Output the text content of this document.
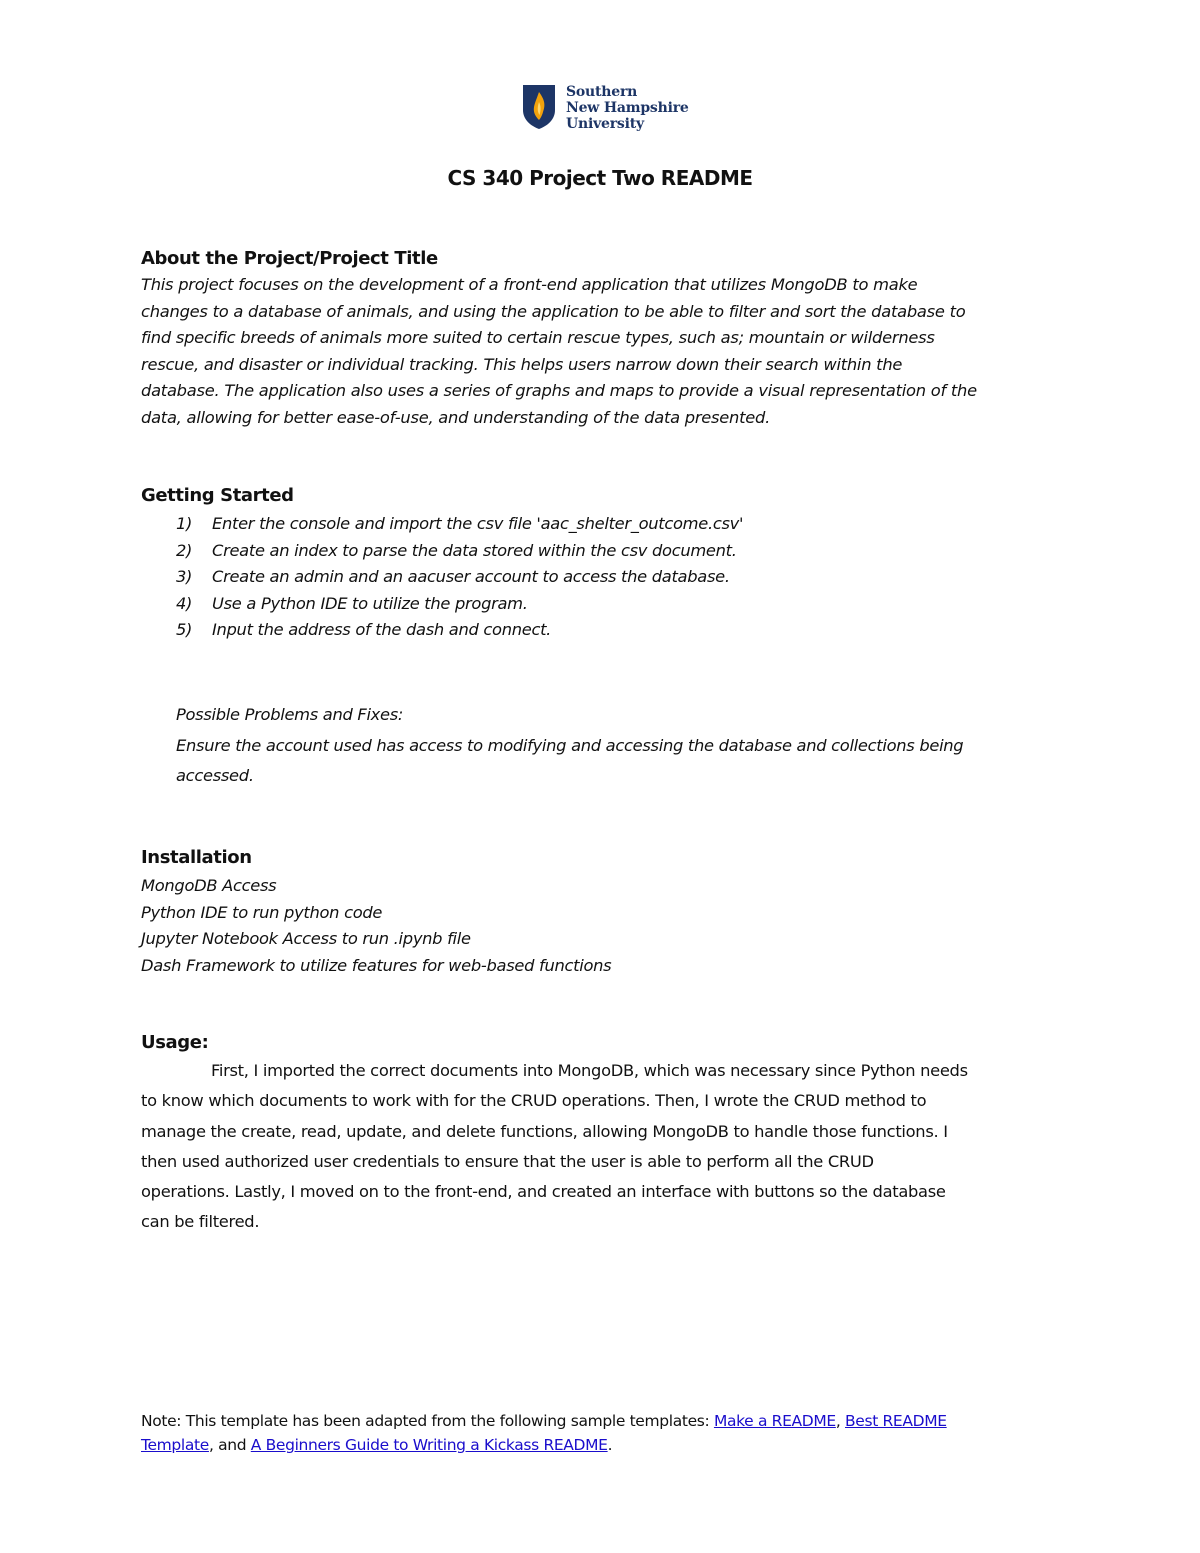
Southern
New Hampshire
University
CS 340 Project Two README
About the Project/Project Title
This project focuses on the development of a front-end application that utilizes MongoDB to make
changes to a database of animals, and using the application to be able to filter and sort the database to
find specific breeds of animals more suited to certain rescue types, such as; mountain or wilderness
rescue, and disaster or individual tracking. This helps users narrow down their search within the
database. The application also uses a series of graphs and maps to provide a visual representation of the
data, allowing for better ease-of-use, and understanding of the data presented.
Getting Started
1) Enter the console and import the csv file 'aac_shelter_outcome.csv'
2) Create an index to parse the data stored within the csv document.
3) Create an admin and an aacuser account to access the database.
4) Use a Python IDE to utilize the program.
5) Input the address of the dash and connect.
Possible Problems and Fixes:
Ensure the account used has access to modifying and accessing the database and collections being
accessed.
Installation
MongoDB Access
Python IDE to run python code
Jupyter Notebook Access to run .ipynb file
Dash Framework to utilize features for web-based functions
Usage:
First, I imported the correct documents into MongoDB, which was necessary since Python needs
to know which documents to work with for the CRUD operations. Then, I wrote the CRUD method to
manage the create, read, update, and delete functions, allowing MongoDB to handle those functions. I
then used authorized user credentials to ensure that the user is able to perform all the CRUD
operations. Lastly, I moved on to the front-end, and created an interface with buttons so the database
can be filtered.
Note: This template has been adapted from the following sample templates: Make a README, Best README
Template, and A Beginners Guide to Writing a Kickass README.
